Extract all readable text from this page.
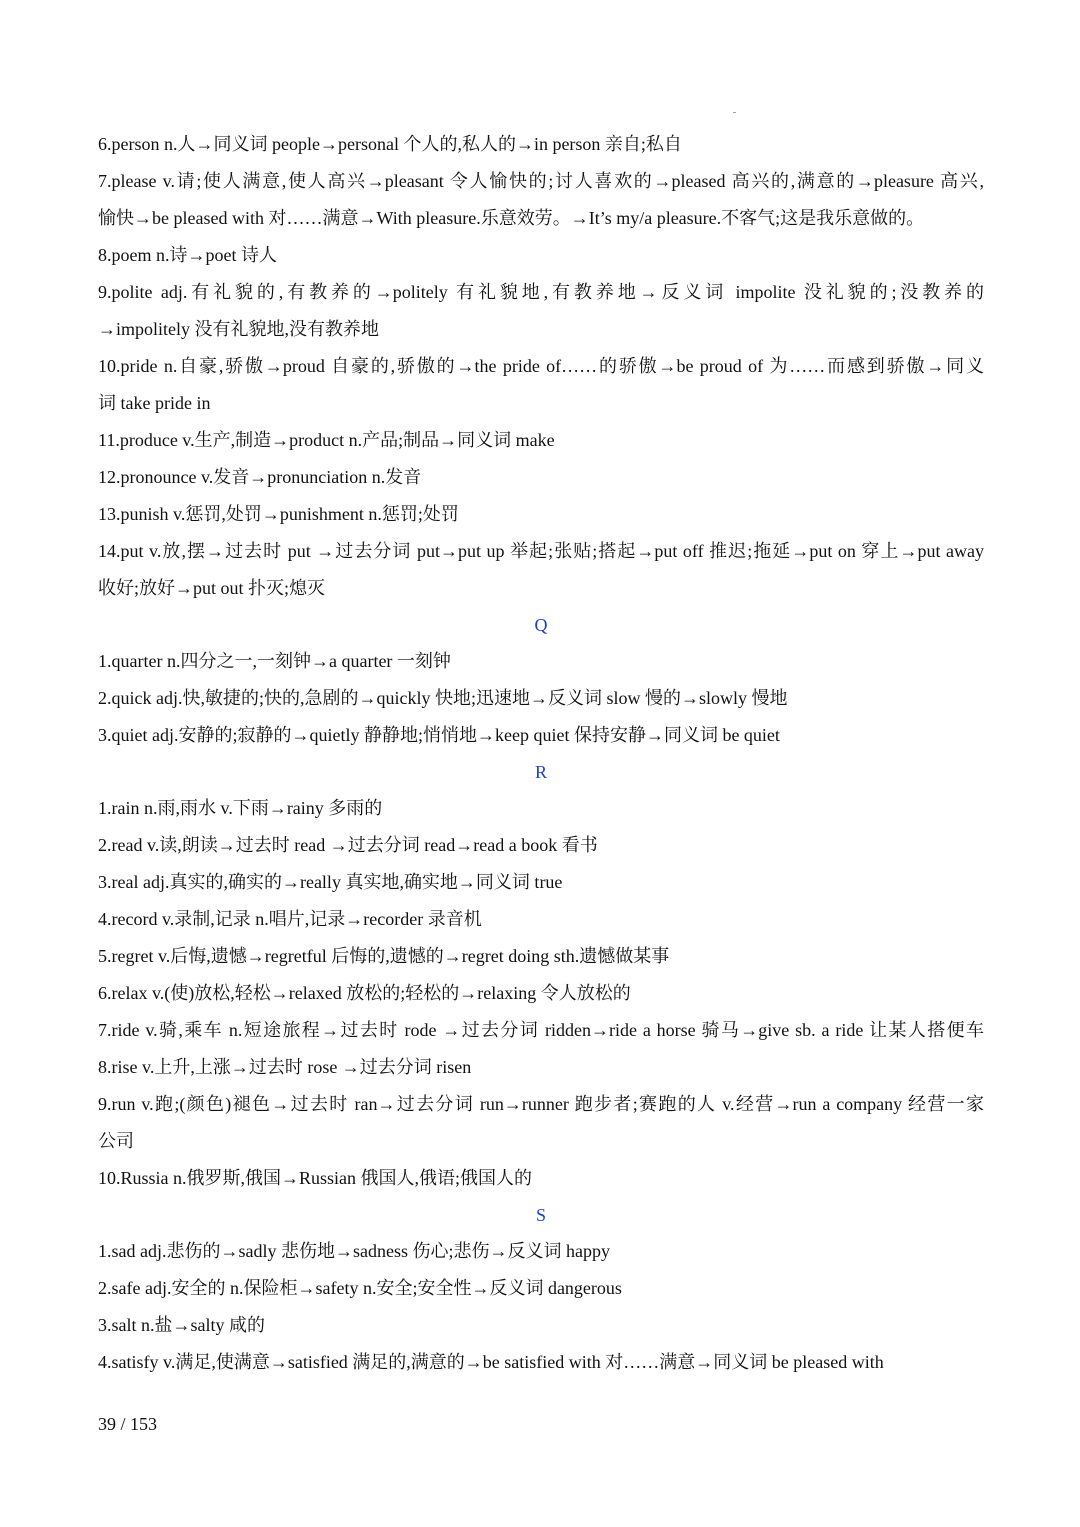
6.person n.人→同义词 people→personal 个人的,私人的→in person 亲自;私自
7.please v.请;使人满意,使人高兴→pleasant 令人愉快的;讨人喜欢的→pleased 高兴的,满意的→pleasure 高兴,
愉快→be pleased with 对……满意→With pleasure.乐意效劳。→It’s my/a pleasure.不客气;这是我乐意做的。
8.poem n.诗→poet 诗人
9.polite adj.有礼貌的,有教养的→politely 有礼貌地,有教养地→反义词 impolite 没礼貌的;没教养的
→impolitely 没有礼貌地,没有教养地
10.pride n.自豪,骄傲→proud 自豪的,骄傲的→the pride of……的骄傲→be proud of 为……而感到骄傲→同义
词 take pride in
11.produce v.生产,制造→product n.产品;制品→同义词 make
12.pronounce v.发音→pronunciation n.发音
13.punish v.惩罚,处罚→punishment n.惩罚;处罚
14.put v.放,摆→过去时 put →过去分词 put→put up 举起;张贴;搭起→put off 推迟;拖延→put on 穿上→put away
收好;放好→put out 扑灭;熄灭
Q
1.quarter n.四分之一,一刻钟→a quarter 一刻钟
2.quick adj.快,敏捷的;快的,急剧的→quickly 快地;迅速地→反义词 slow 慢的→slowly 慢地
3.quiet adj.安静的;寂静的→quietly 静静地;悄悄地→keep quiet 保持安静→同义词 be quiet
R
1.rain n.雨,雨水 v.下雨→rainy 多雨的
2.read v.读,朗读→过去时 read →过去分词 read→read a book 看书
3.real adj.真实的,确实的→really 真实地,确实地→同义词 true
4.record v.录制,记录 n.唱片,记录→recorder 录音机
5.regret v.后悔,遗憾→regretful 后悔的,遗憾的→regret doing sth.遗憾做某事
6.relax v.(使)放松,轻松→relaxed 放松的;轻松的→relaxing 令人放松的
7.ride v.骑,乘车 n.短途旅程→过去时 rode →过去分词 ridden→ride a horse 骑马→give sb. a ride 让某人搭便车
8.rise v.上升,上涨→过去时 rose →过去分词 risen
9.run v.跑;(颜色)褪色→过去时 ran→过去分词 run→runner 跑步者;赛跑的人 v.经营→run a company 经营一家
公司
10.Russia n.俄罗斯,俄国→Russian 俄国人,俄语;俄国人的
S
1.sad adj.悲伤的→sadly 悲伤地→sadness 伤心;悲伤→反义词 happy
2.safe adj.安全的 n.保险柜→safety n.安全;安全性→反义词 dangerous
3.salt n.盐→salty 咸的
4.satisfy v.满足,使满意→satisfied 满足的,满意的→be satisfied with 对……满意→同义词 be pleased with
39 / 153
